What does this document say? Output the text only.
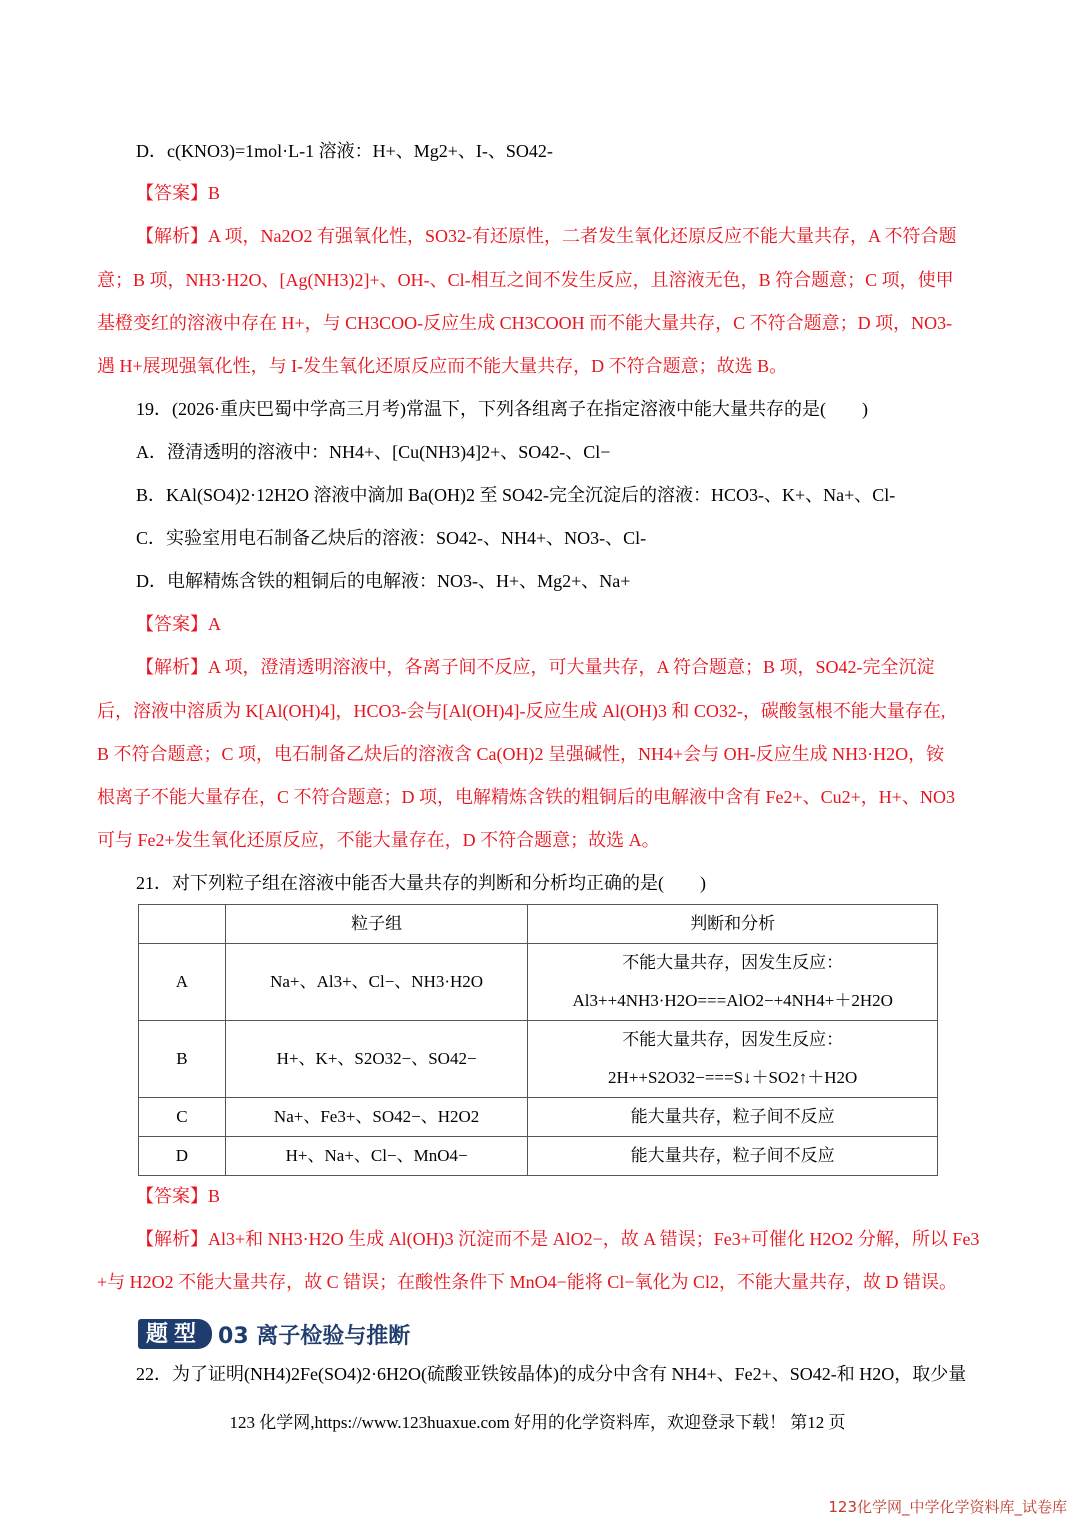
D．c(KNO3)=1mol·L-1 溶液：H+、Mg2+、I-、SO42-
【答案】B
【解析】A 项，Na2O2 有强氧化性，SO32-有还原性，二者发生氧化还原反应不能大量共存，A 不符合题
意；B 项，NH3·H2O、[Ag(NH3)2]+、OH-、Cl-相互之间不发生反应，且溶液无色，B 符合题意；C 项，使甲
基橙变红的溶液中存在 H+，与 CH3COO-反应生成 CH3COOH 而不能大量共存，C 不符合题意；D 项，NO3-
遇 H+展现强氧化性，与 I-发生氧化还原反应而不能大量共存，D 不符合题意；故选 B。
19．(2026·重庆巴蜀中学高三月考)常温下，下列各组离子在指定溶液中能大量共存的是(　　)
A．澄清透明的溶液中：NH4+、[Cu(NH3)4]2+、SO42-、Cl−
B．KAl(SO4)2·12H2O 溶液中滴加 Ba(OH)2 至 SO42-完全沉淀后的溶液：HCO3-、K+、Na+、Cl-
C．实验室用电石制备乙炔后的溶液：SO42-、NH4+、NO3-、Cl-
D．电解精炼含铁的粗铜后的电解液：NO3-、H+、Mg2+、Na+
【答案】A
【解析】A 项，澄清透明溶液中，各离子间不反应，可大量共存，A 符合题意；B 项，SO42-完全沉淀
后，溶液中溶质为 K[Al(OH)4]，HCO3-会与[Al(OH)4]-反应生成 Al(OH)3 和 CO32-，碳酸氢根不能大量存在,
B 不符合题意；C 项，电石制备乙炔后的溶液含 Ca(OH)2 呈强碱性，NH4+会与 OH-反应生成 NH3·H2O，铵
根离子不能大量存在，C 不符合题意；D 项，电解精炼含铁的粗铜后的电解液中含有 Fe2+、Cu2+，H+、NO3
可与 Fe2+发生氧化还原反应，不能大量存在，D 不符合题意；故选 A。
21．对下列粒子组在溶液中能否大量共存的判断和分析均正确的是(　　)
	粒子组	判断和分析
A	Na+、Al3+、Cl−、NH3·H2O	不能大量共存，因发生反应：
Al3++4NH3·H2O===AlO2−+4NH4+＋2H2O

B	H+、K+、S2O32−、SO42−	不能大量共存，因发生反应：
2H++S2O32−===S↓＋SO2↑＋H2O

C	Na+、Fe3+、SO42−、H2O2	能大量共存，粒子间不反应
D	H+、Na+、Cl−、MnO4−	能大量共存，粒子间不反应
【答案】B
【解析】Al3+和 NH3·H2O 生成 Al(OH)3 沉淀而不是 AlO2−，故 A 错误；Fe3+可催化 H2O2 分解，所以 Fe3
+与 H2O2 不能大量共存，故 C 错误；在酸性条件下 MnO4−能将 Cl−氧化为 Cl2，不能大量共存，故 D 错误。
题型 03 离子检验与推断
22．为了证明(NH4)2Fe(SO4)2·6H2O(硫酸亚铁铵晶体)的成分中含有 NH4+、Fe2+、SO42-和 H2O，取少量
123 化学网,https://www.123huaxue.com 好用的化学资料库，欢迎登录下载！ 第12 页
123化学网_中学化学资料库_试卷库
